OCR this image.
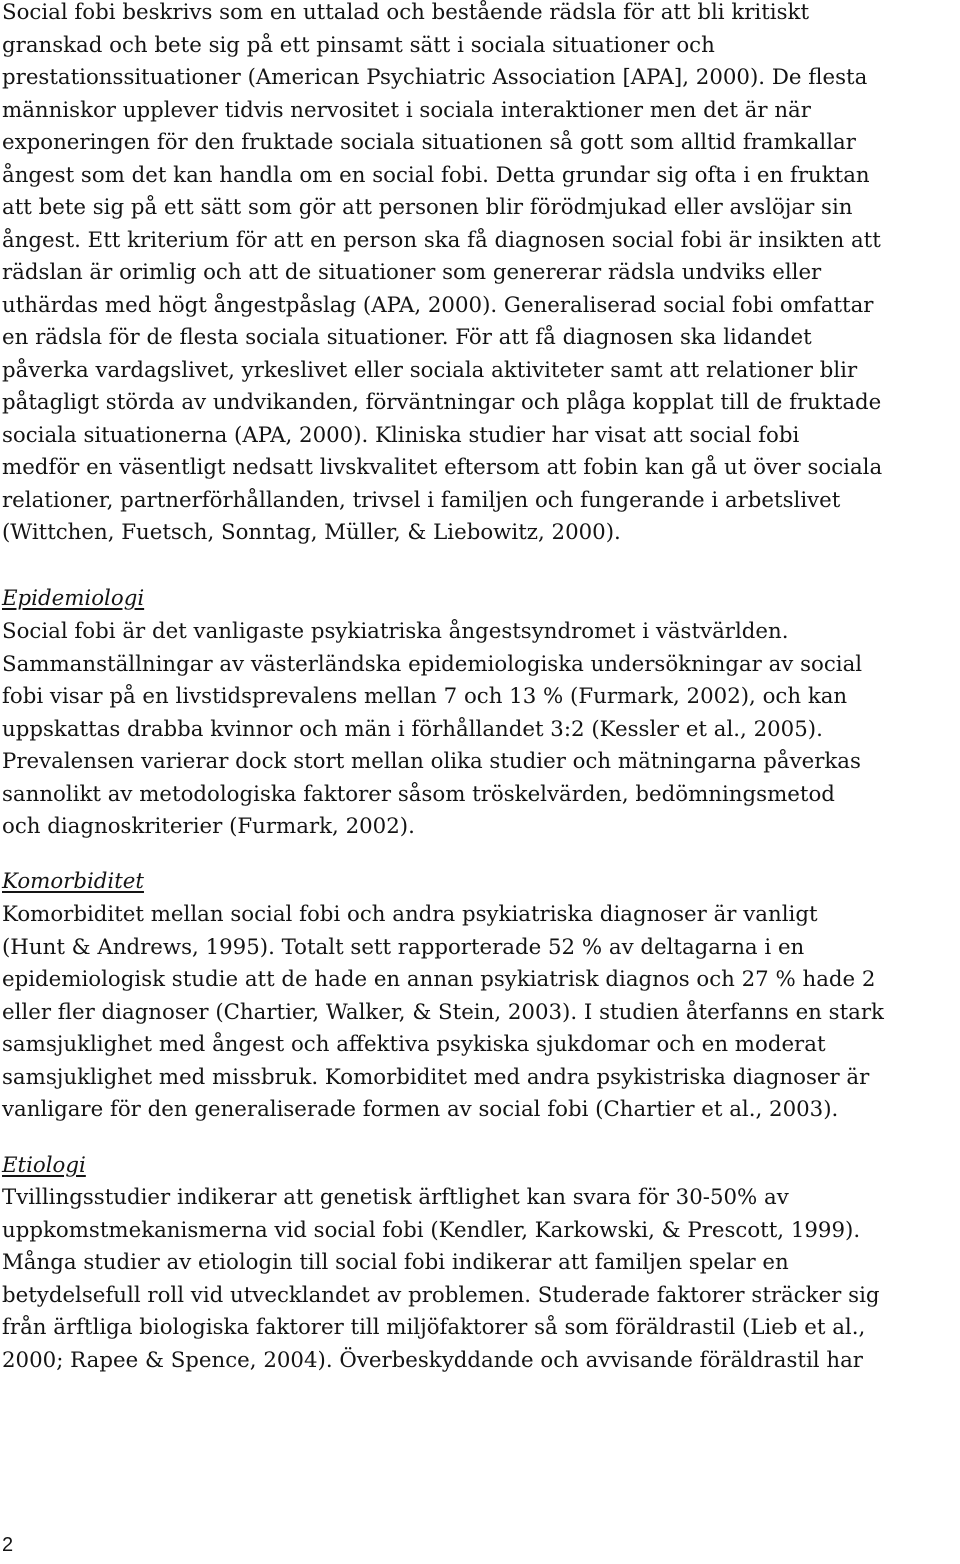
Social fobi beskrivs som en uttalad och bestående rädsla för att bli kritiskt
granskad och bete sig på ett pinsamt sätt i sociala situationer och
prestationssituationer (American Psychiatric Association [APA], 2000). De flesta
människor upplever tidvis nervositet i sociala interaktioner men det är när
exponeringen för den fruktade sociala situationen så gott som alltid framkallar
ångest som det kan handla om en social fobi. Detta grundar sig ofta i en fruktan
att bete sig på ett sätt som gör att personen blir förödmjukad eller avslöjar sin
ångest. Ett kriterium för att en person ska få diagnosen social fobi är insikten att
rädslan är orimlig och att de situationer som genererar rädsla undviks eller
uthärdas med högt ångestpåslag (APA, 2000). Generaliserad social fobi omfattar
en rädsla för de flesta sociala situationer. För att få diagnosen ska lidandet
påverka vardagslivet, yrkeslivet eller sociala aktiviteter samt att relationer blir
påtagligt störda av undvikanden, förväntningar och plåga kopplat till de fruktade
sociala situationerna (APA, 2000). Kliniska studier har visat att social fobi
medför en väsentligt nedsatt livskvalitet eftersom att fobin kan gå ut över sociala
relationer, partnerförhållanden, trivsel i familjen och fungerande i arbetslivet
(Wittchen, Fuetsch, Sonntag, Müller, & Liebowitz, 2000).
Epidemiologi
Social fobi är det vanligaste psykiatriska ångestsyndromet i västvärlden.
Sammanställningar av västerländska epidemiologiska undersökningar av social
fobi visar på en livstidsprevalens mellan 7 och 13 % (Furmark, 2002), och kan
uppskattas drabba kvinnor och män i förhållandet 3:2 (Kessler et al., 2005).
Prevalensen varierar dock stort mellan olika studier och mätningarna påverkas
sannolikt av metodologiska faktorer såsom tröskelvärden, bedömningsmetod
och diagnoskriterier (Furmark, 2002).
Komorbiditet
Komorbiditet mellan social fobi och andra psykiatriska diagnoser är vanligt
(Hunt & Andrews, 1995). Totalt sett rapporterade 52 % av deltagarna i en
epidemiologisk studie att de hade en annan psykiatrisk diagnos och 27 % hade 2
eller fler diagnoser (Chartier, Walker, & Stein, 2003). I studien återfanns en stark
samsjuklighet med ångest och affektiva psykiska sjukdomar och en moderat
samsjuklighet med missbruk. Komorbiditet med andra psykistriska diagnoser är
vanligare för den generaliserade formen av social fobi (Chartier et al., 2003).
Etiologi
Tvillingsstudier indikerar att genetisk ärftlighet kan svara för 30-50% av
uppkomstmekanismerna vid social fobi (Kendler, Karkowski, & Prescott, 1999).
Många studier av etiologin till social fobi indikerar att familjen spelar en
betydelsefull roll vid utvecklandet av problemen. Studerade faktorer sträcker sig
från ärftliga biologiska faktorer till miljöfaktorer så som föräldrastil (Lieb et al.,
2000; Rapee & Spence, 2004). Överbeskyddande och avvisande föräldrastil har
2
